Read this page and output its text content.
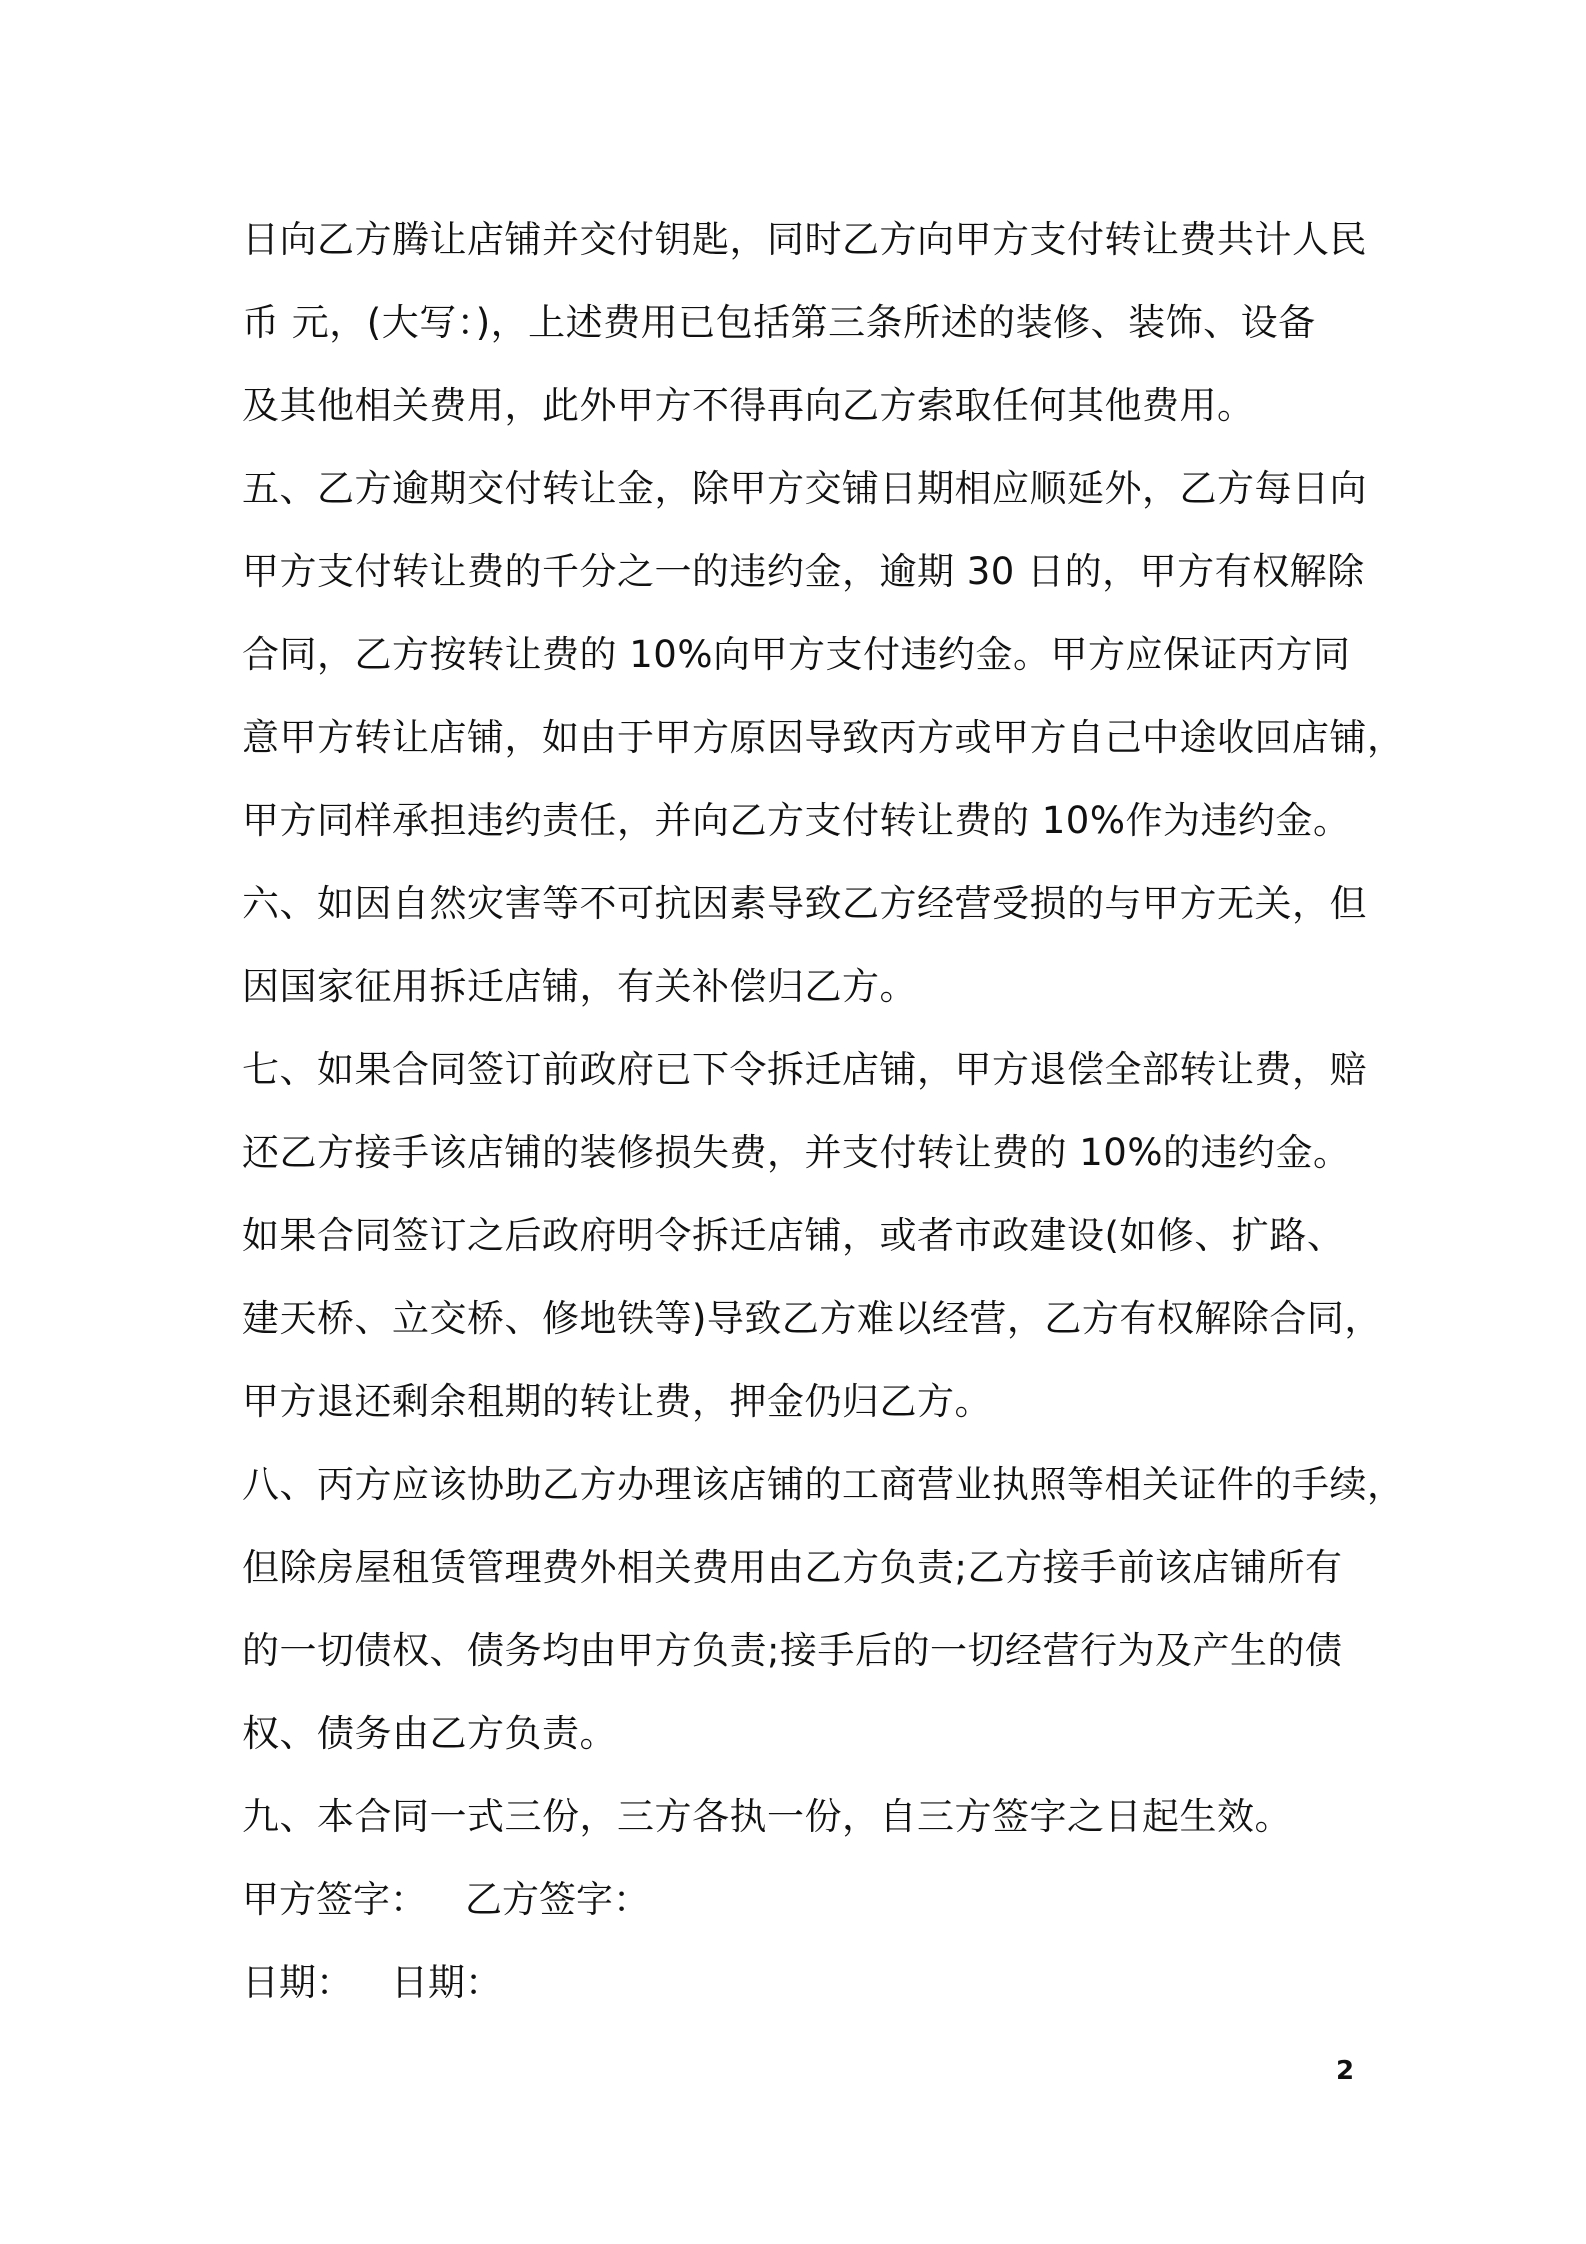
日向乙方腾让店铺并交付钥匙，同时乙方向甲方支付转让费共计人民
币 元，(大写：)，上述费用已包括第三条所述的装修、装饰、设备
及其他相关费用，此外甲方不得再向乙方索取任何其他费用。
五、乙方逾期交付转让金，除甲方交铺日期相应顺延外，乙方每日向
甲方支付转让费的千分之一的违约金，逾期 30 日的，甲方有权解除
合同，乙方按转让费的 10%向甲方支付违约金。甲方应保证丙方同
意甲方转让店铺，如由于甲方原因导致丙方或甲方自己中途收回店铺，
甲方同样承担违约责任，并向乙方支付转让费的 10%作为违约金。
六、如因自然灾害等不可抗因素导致乙方经营受损的与甲方无关，但
因国家征用拆迁店铺，有关补偿归乙方。
七、如果合同签订前政府已下令拆迁店铺，甲方退偿全部转让费，赔
还乙方接手该店铺的装修损失费，并支付转让费的 10%的违约金。
如果合同签订之后政府明令拆迁店铺，或者市政建设(如修、扩路、
建天桥、立交桥、修地铁等)导致乙方难以经营，乙方有权解除合同，
甲方退还剩余租期的转让费，押金仍归乙方。
八、丙方应该协助乙方办理该店铺的工商营业执照等相关证件的手续，
但除房屋租赁管理费外相关费用由乙方负责;乙方接手前该店铺所有
的一切债权、债务均由甲方负责;接手后的一切经营行为及产生的债
权、债务由乙方负责。
九、本合同一式三份，三方各执一份，自三方签字之日起生效。
甲方签字： 乙方签字：
日期： 日期：
2
